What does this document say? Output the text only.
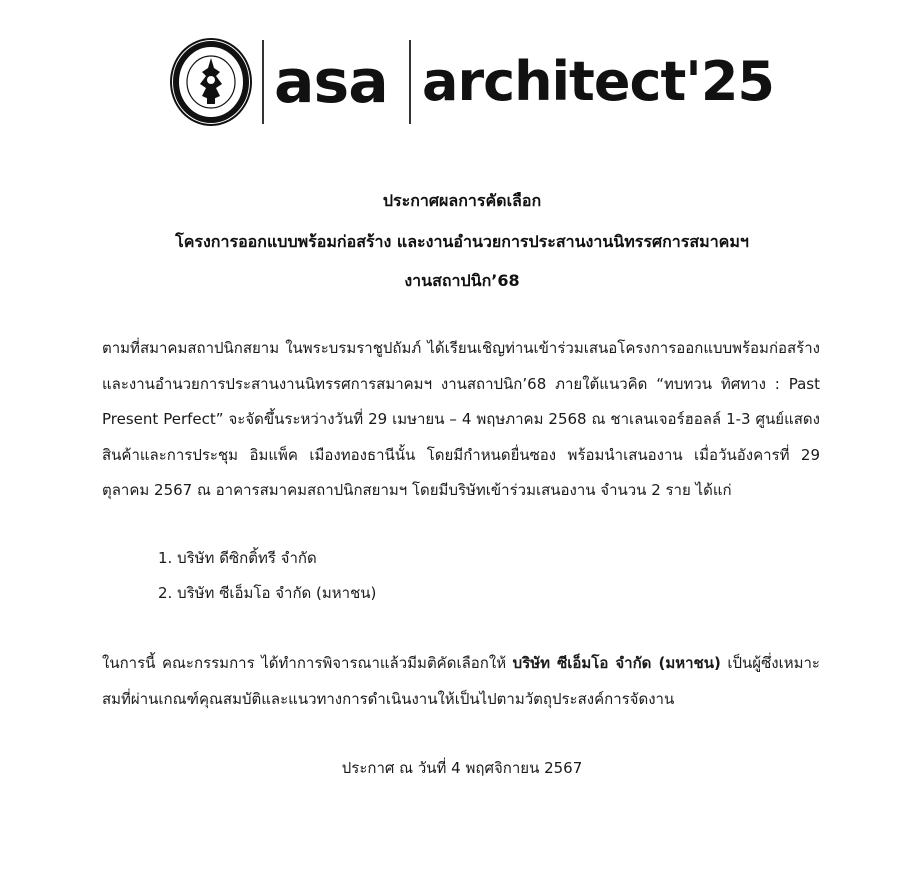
asa architect'25
ประกาศผลการคัดเลือก
โครงการออกแบบพร้อมก่อสร้าง และงานอำนวยการประสานงานนิทรรศการสมาคมฯ
งานสถาปนิก’68
ตามที่สมาคมสถาปนิกสยาม ในพระบรมราชูปถัมภ์ ได้เรียนเชิญท่านเข้าร่วมเสนอโครงการออกแบบพร้อมก่อสร้าง และงานอำนวยการประสานงานนิทรรศการสมาคมฯ งานสถาปนิก’68 ภายใต้แนวคิด “ทบทวน ทิศทาง : Past Present Perfect” จะจัดขึ้นระหว่างวันที่ 29 เมษายน – 4 พฤษภาคม 2568 ณ ชาเลนเจอร์ฮอลล์ 1-3 ศูนย์แสดงสินค้าและการประชุม อิมแพ็ค เมืองทองธานีนั้น โดยมีกำหนดยื่นซอง พร้อมนำเสนองาน เมื่อวันอังคารที่ 29 ตุลาคม 2567 ณ อาคารสมาคมสถาปนิกสยามฯ โดยมีบริษัทเข้าร่วมเสนองาน จำนวน 2 ราย ได้แก่
1. บริษัท ดีซิกติ้ทรี จำกัด
2. บริษัท ซีเอ็มโอ จำกัด (มหาชน)
ในการนี้ คณะกรรมการ ได้ทำการพิจารณาแล้วมีมติคัดเลือกให้ บริษัท ซีเอ็มโอ จำกัด (มหาชน) เป็นผู้ซึ่งเหมาะสมที่ผ่านเกณฑ์คุณสมบัติและแนวทางการดำเนินงานให้เป็นไปตามวัตถุประสงค์การจัดงาน
ประกาศ ณ วันที่ 4 พฤศจิกายน 2567
